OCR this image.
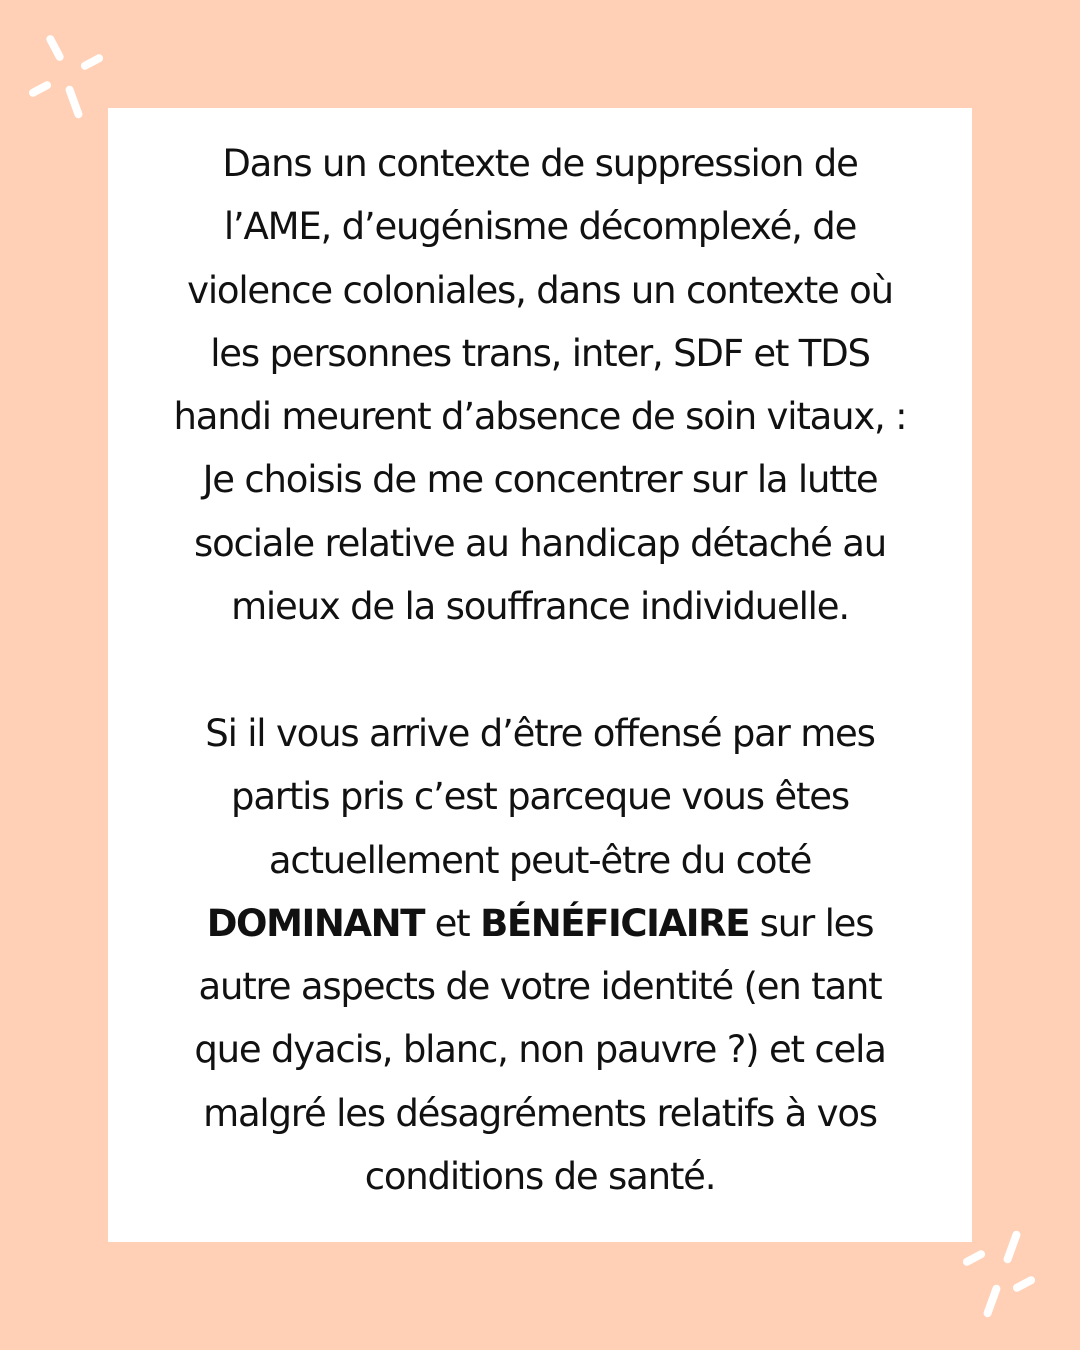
Dans un contexte de suppression de
l’AME, d’eugénisme décomplexé, de
violence coloniales, dans un contexte où
les personnes trans, inter, SDF et TDS
handi meurent d’absence de soin vitaux, :
Je choisis de me concentrer sur la lutte
sociale relative au handicap détaché au
mieux de la souffrance individuelle.
Si il vous arrive d’être offensé par mes
partis pris c’est parceque vous êtes
actuellement peut-être du coté
DOMINANT et BÉNÉFICIAIRE sur les
autre aspects de votre identité (en tant
que dyacis, blanc, non pauvre ?) et cela
malgré les désagréments relatifs à vos
conditions de santé.
